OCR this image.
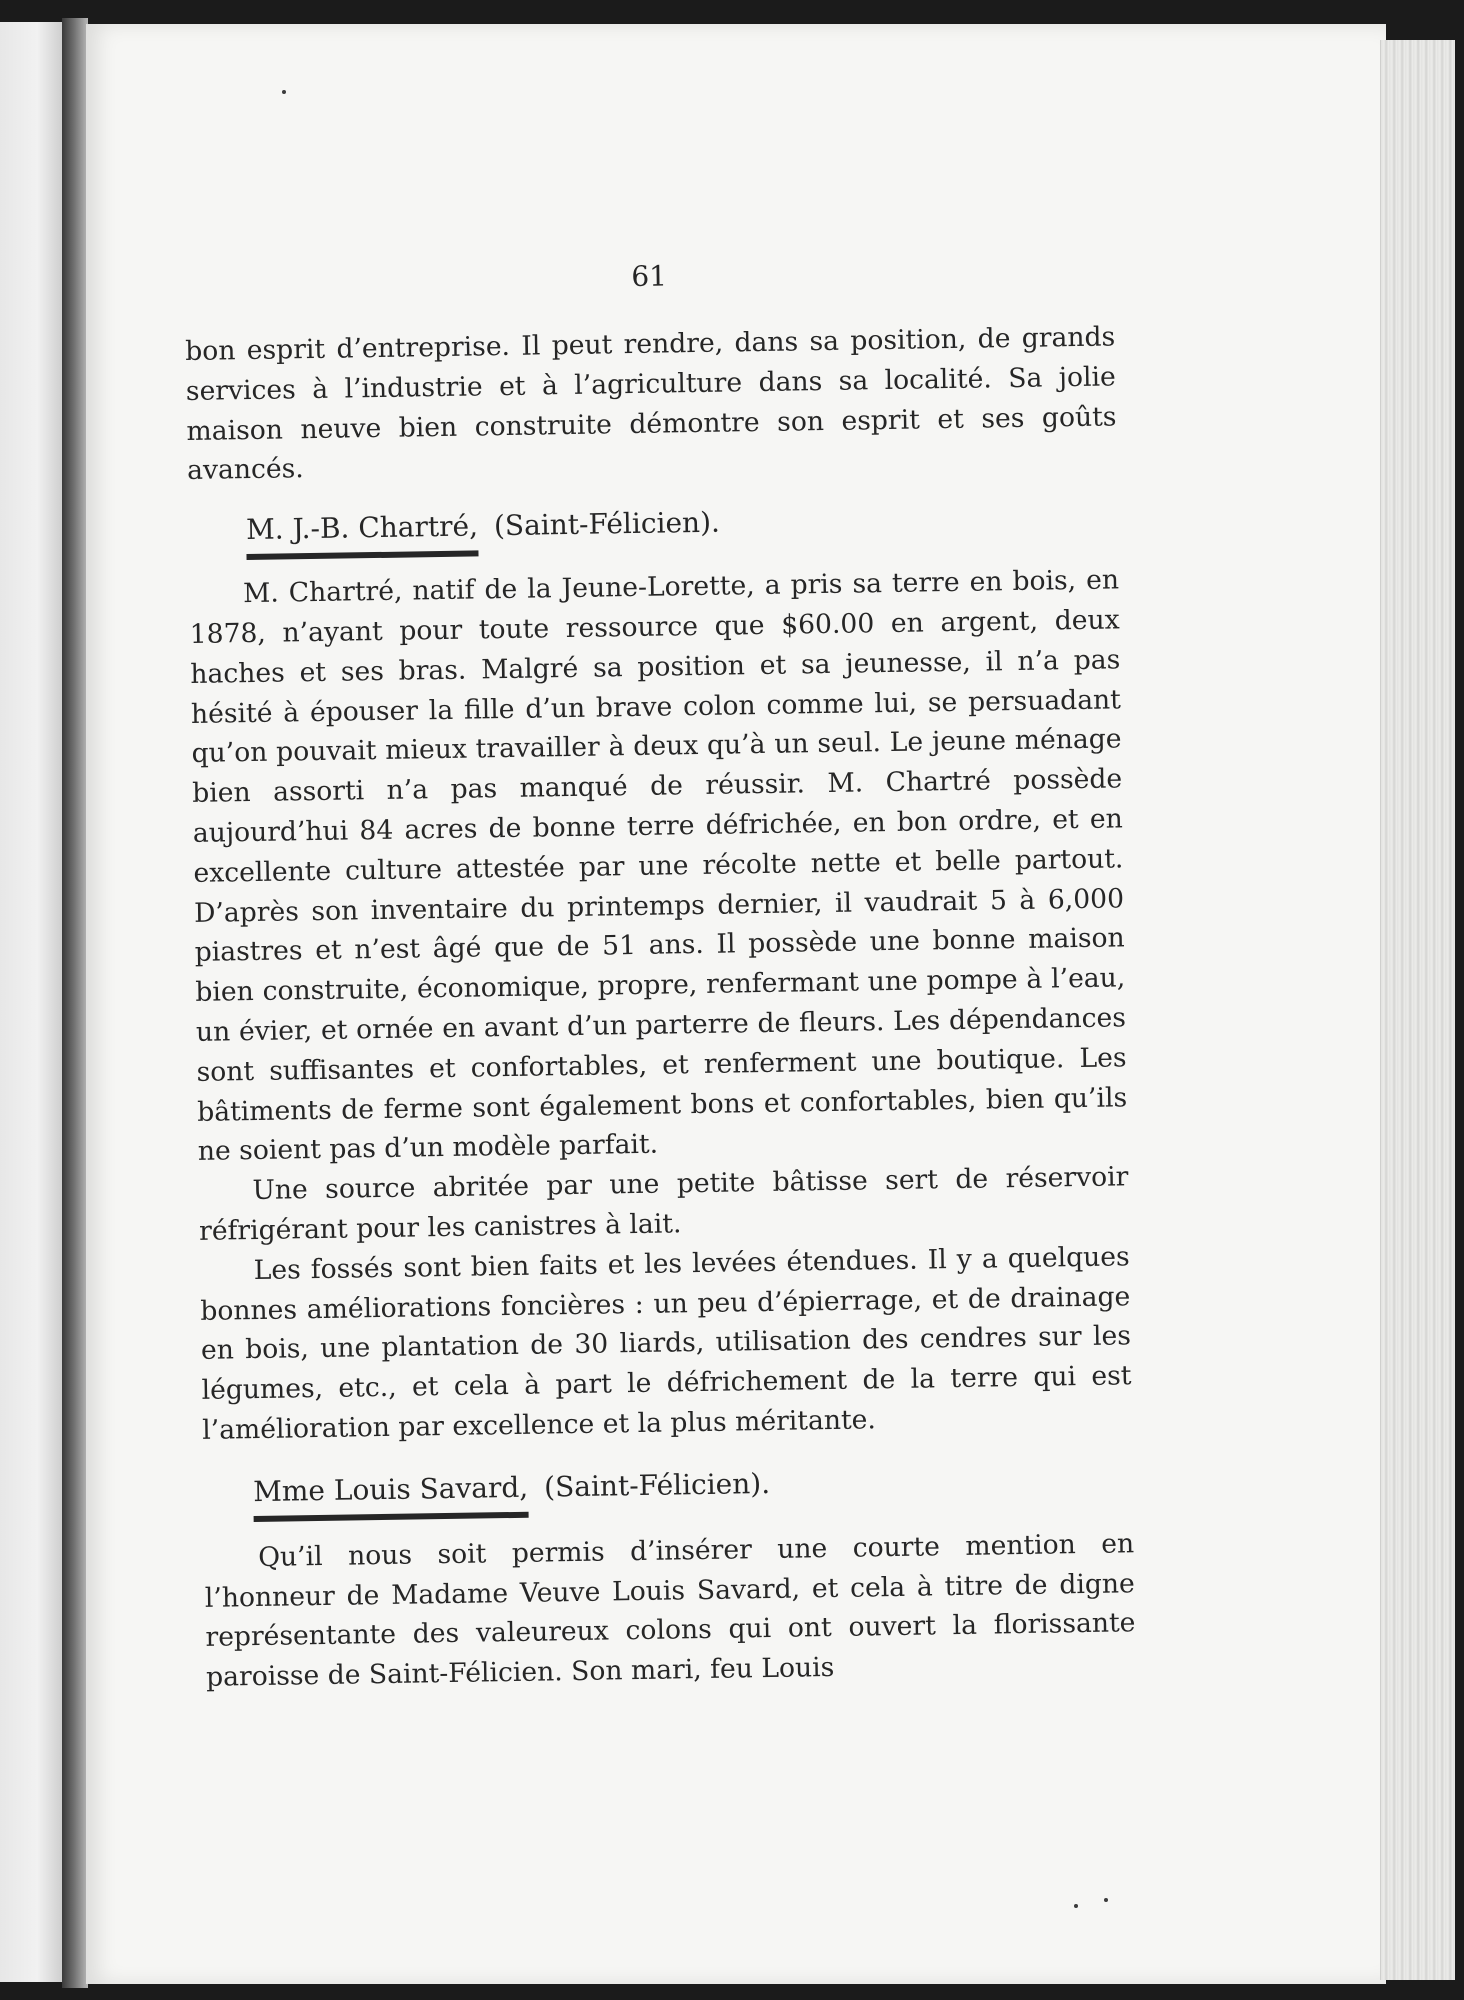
61

bon esprit d’entreprise. Il peut rendre, dans sa position, de grands services à l’industrie et à l’agriculture dans sa localité. Sa jolie maison neuve bien construite démontre son esprit et ses goûts avancés.

M. J.-B. Chartré, (Saint-Félicien).

M. Chartré, natif de la Jeune-Lorette, a pris sa terre en bois, en 1878, n’ayant pour toute ressource que $60.00 en argent, deux haches et ses bras. Malgré sa position et sa jeunesse, il n’a pas hésité à épouser la fille d’un brave colon comme lui, se persuadant qu’on pouvait mieux travailler à deux qu’à un seul. Le jeune ménage bien assorti n’a pas manqué de réussir. M. Chartré possède aujourd’hui 84 acres de bonne terre défrichée, en bon ordre, et en excellente culture attestée par une récolte nette et belle partout. D’après son inventaire du printemps dernier, il vaudrait 5 à 6,000 piastres et n’est âgé que de 51 ans. Il possède une bonne maison bien construite, économique, propre, renfermant une pompe à l’eau, un évier, et ornée en avant d’un parterre de fleurs. Les dépendances sont suffisantes et confortables, et renferment une boutique. Les bâtiments de ferme sont également bons et confortables, bien qu’ils ne soient pas d’un modèle parfait.

Une source abritée par une petite bâtisse sert de réservoir réfrigérant pour les canistres à lait.

Les fossés sont bien faits et les levées étendues. Il y a quelques bonnes améliorations foncières : un peu d’épierrage, et de drainage en bois, une plantation de 30 liards, utilisation des cendres sur les légumes, etc., et cela à part le défrichement de la terre qui est l’amélioration par excellence et la plus méritante.

Mme Louis Savard, (Saint-Félicien).

Qu’il nous soit permis d’insérer une courte mention en l’honneur de Madame Veuve Louis Savard, et cela à titre de digne représentante des valeureux colons qui ont ouvert la florissante paroisse de Saint-Félicien. Son mari, feu Louis
